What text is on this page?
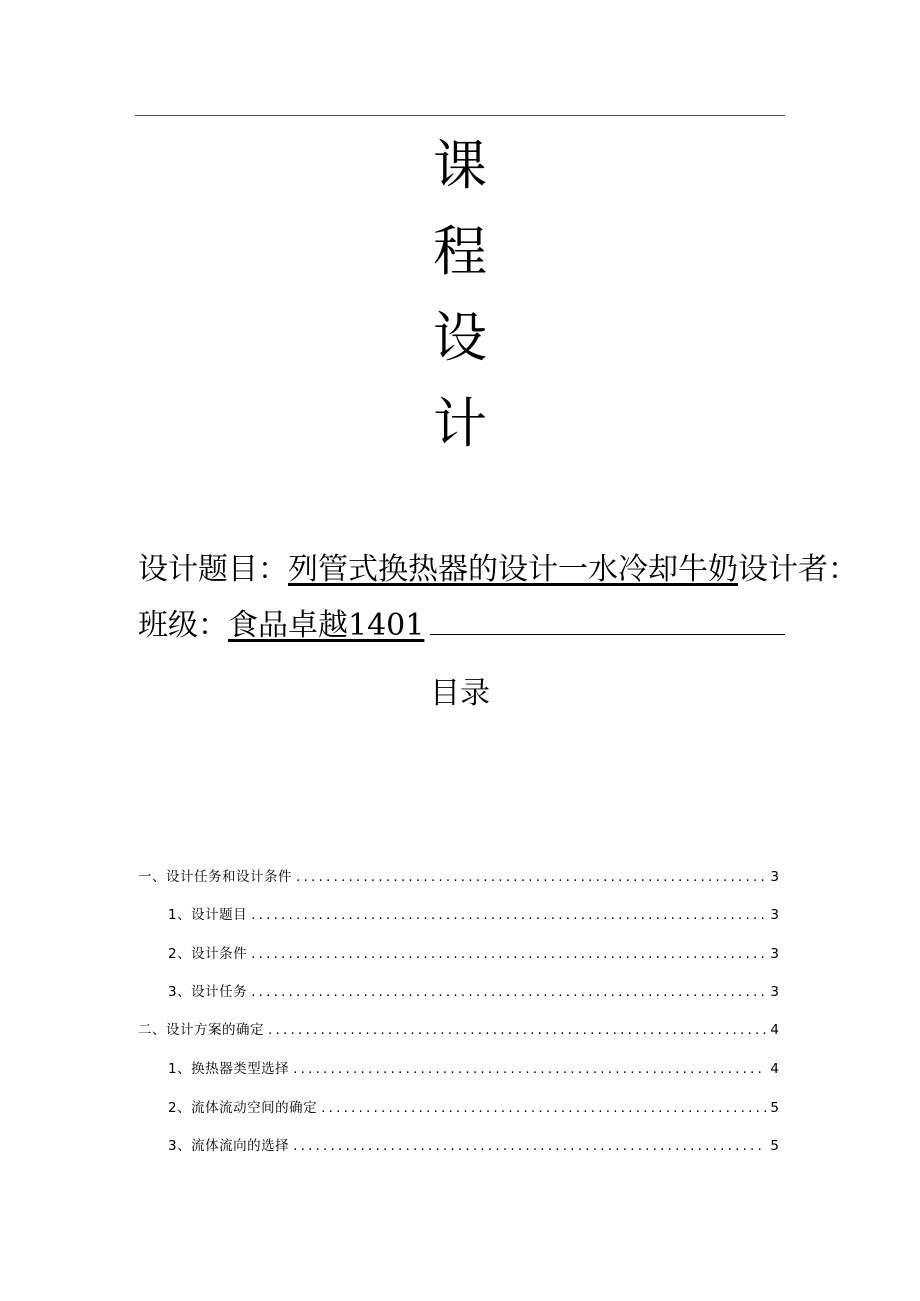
课
程
设
计
设计题目：列管式换热器的设计一水冷却牛奶设计者：
班级：食品卓越1401
目录
一、设计任务和设计条件 .....	3
1、设计题目 .....	3
2、设计条件 .....	3
3、设计任务 .....	3
二、设计方案的确定 .....	4
1、换热器类型选择 .....	4
2、流体流动空间的确定 .....	5
3、流体流向的选择 .....	5
